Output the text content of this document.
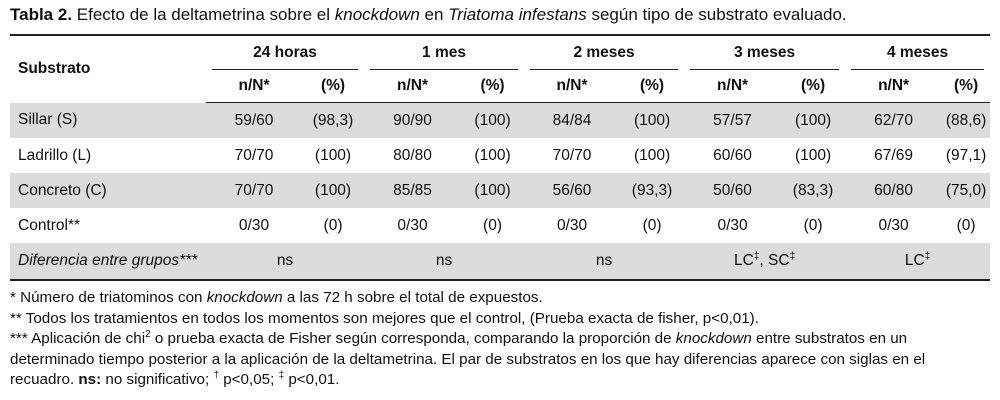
Tabla 2. Efecto de la deltametrina sobre el knockdown en Triatoma infestans según tipo de substrato evaluado.

Substrato	24 horas		1 mes		2 meses		3 meses		4 meses	

	n/N*	(%)	n/N*	(%)	n/N*	(%)	n/N*	(%)	n/N*	(%)
Sillar (S)	59/60	(98,3)	90/90	(100)	84/84	(100)	57/57	(100)	62/70	(88,6)
Ladrillo (L)	70/70	(100)	80/80	(100)	70/70	(100)	60/60	(100)	67/69	(97,1)
Concreto (C)	70/70	(100)	85/85	(100)	56/60	(93,3)	50/60	(83,3)	60/80	(75,0)
Control**	0/30	(0)	0/30	(0)	0/30	(0)	0/30	(0)	0/30	(0)
Diferencia entre grupos***	ns		ns		ns		LC‡, SC‡		LC‡

* Número de triatominos con knockdown a las 72 h sobre el total de expuestos.

** Todos los tratamientos en todos los momentos son mejores que el control, (Prueba exacta de fisher, p<0,01).

*** Aplicación de chi$^2$ o prueba exacta de Fisher según corresponda, comparando la proporción de knockdown entre substratos en un determinado tiempo posterior a la aplicación de la deltametrina. El par de substratos en los que hay diferencias aparece con siglas en el recuadro. ns: no significativo; † p<0,05; ‡ p<0,01.
